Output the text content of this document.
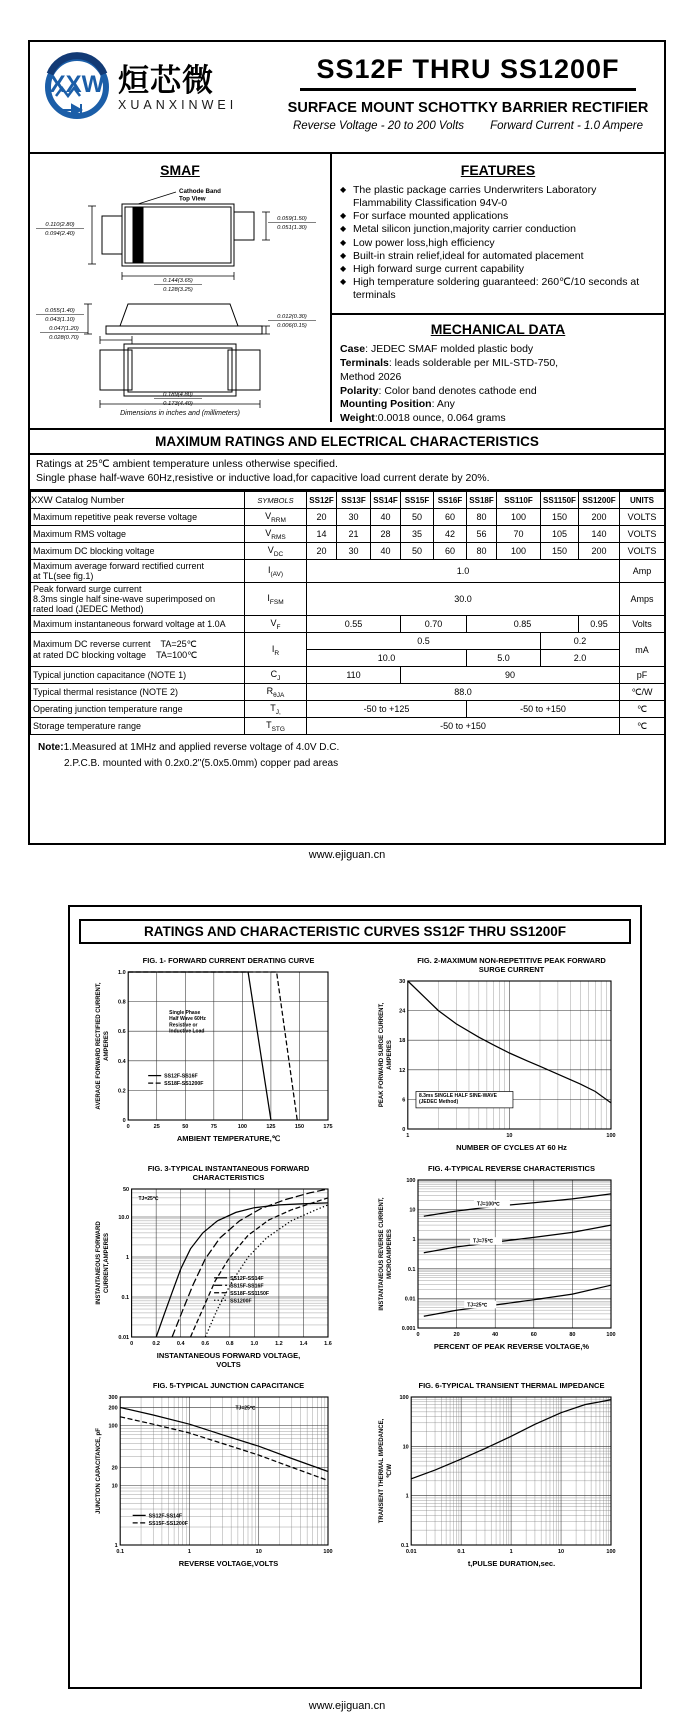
XXW 烜芯微
XUANXINWEI
SS12F THRU SS1200F
SURFACE MOUNT SCHOTTKY BARRIER RECTIFIER
Reverse Voltage - 20 to 200 Volts Forward Current - 1.0 Ampere
SMAF
Cathode Band
Top View
0.110(2.80)
0.094(2.40)
0.059(1.50)
0.051(1.30)
0.144(3.65)
0.128(3.25)
0.055(1.40)
0.043(1.10)	0.012(0.30)
0.006(0.15)
0.047(1.20)
0.028(0.70)
0.189(4.80)
0.173(4.40)
Dimensions in inches and (millimeters)
FEATURES
◆ The plastic package carries Underwriters Laboratory Flammability Classification 94V-0
◆ For surface mounted applications
◆ Metal silicon junction,majority carrier conduction
◆ Low power loss,high efficiency
◆ Built-in strain relief,ideal for automated placement
◆ High forward surge current capability
◆ High temperature soldering guaranteed: 260℃/10 seconds at terminals
MECHANICAL DATA
Case: JEDEC SMAF molded plastic body
Terminals: leads solderable per MIL-STD-750,
Method 2026
Polarity: Color band denotes cathode end
Mounting Position: Any
Weight:0.0018 ounce, 0.064 grams
MAXIMUM RATINGS AND ELECTRICAL CHARACTERISTICS
Ratings at 25℃ ambient temperature unless otherwise specified.
Single phase half-wave 60Hz,resistive or inductive load,for capacitive load current derate by 20%.
XXW Catalog Number	SYMBOLS	SS12F	SS13F	SS14F	SS15F	SS16F	SS18F	SS110F	SS1150F	SS1200F	UNITS

Maximum repetitive peak reverse voltage	$V_{RRM}$	20	30	40	50	60	80	100	150	200	VOLTS

Maximum RMS voltage	$V_{RMS}$	14	21	28	35	42	56	70	105	140	VOLTS

Maximum DC blocking voltage	$V_{DC}$	20	30	40	50	60	80	100	150	200	VOLTS

Maximum average forward rectified current
at TL(see fig.1)	$I_{(AV)}$	1.0									Amp

Peak forward surge current
8.3ms single half sine-wave superimposed on
rated load (JEDEC Method)	$I_{FSM}$	30.0									Amps

Maximum instantaneous forward voltage at 1.0A	$V_F$	0.55			0.70		0.85			0.95	Volts

Maximum DC reverse current    TA=25℃
at rated DC blocking voltage    TA=100℃	$I_R$	0.5							0.2		mA
		10.0					5.0		2.0		

Typical junction capacitance (NOTE 1)	$C_J$	110			90						pF

Typical thermal resistance (NOTE 2)	$R_{\theta JA}$	88.0									℃/W

Operating junction temperature range	$T_{J,}$	-50 to +125					-50 to +150				℃

Storage temperature range	$T_{STG}$	-50 to +150									℃
Note:1.Measured at 1MHz and applied reverse voltage of 4.0V D.C.
2.P.C.B. mounted with 0.2x0.2"(5.0x5.0mm) copper pad areas
www.ejiguan.cn
RATINGS AND CHARACTERISTIC CURVES SS12F THRU SS1200F
FIG. 1- FORWARD CURRENT DERATING CURVE
0	25	50	75	100	125	150	175
0
0.2
0.4
0.6
0.8
1.0
AVERAGE FORWARD RECTIFIED CURRENT, AMPERES
Single Phase
Half Wave 60Hz
Resistive or
Inductive Load
SS12F-SS16F
SS18F-SS1200F
AMBIENT TEMPERATURE,℃
FIG. 2-MAXIMUM NON-REPETITIVE PEAK FORWARD
SURGE CURRENT
1	10	100
0
6
12
18
24
30
PEAK FORWARD SURGE CURRENT, AMPERES
8.3ms SINGLE HALF SINE-WAVE
(JEDEC Method)
NUMBER OF CYCLES AT 60 Hz
FIG. 3-TYPICAL INSTANTANEOUS FORWARD
CHARACTERISTICS
0	0.2	0.4	0.6	0.8	1.0	1.2	1.4	1.6
0.01
0.1
1
10.0
50
INSTANTANEOUS FORWARD CURRENT,AMPERES
TJ=25℃
SS12F-SS14F
SS15F-SS16F
SS18F-SS1150F
SS1200F
INSTANTANEOUS FORWARD VOLTAGE,
VOLTS
FIG. 4-TYPICAL REVERSE CHARACTERISTICS
0	20	40	60	80	100
0.001
0.01
0.1
1
10
100
INSTANTANEOUS REVERSE CURRENT, MICROAMPERES
TJ=100℃
TJ=75℃
TJ=25℃
PERCENT OF PEAK REVERSE VOLTAGE,%
FIG. 5-TYPICAL JUNCTION CAPACITANCE
0.1	1	10	100
1
10
20
100
200
300
JUNCTION CAPACITANCE, pF
TJ=25℃
SS12F-SS14F
SS15F-SS1200F
REVERSE VOLTAGE,VOLTS
FIG. 6-TYPICAL TRANSIENT THERMAL IMPEDANCE
0.01	0.1	1	10	100
0.1
1
10
100
TRANSIENT THERMAL IMPEDANCE, ℃/W
t,PULSE DURATION,sec.
www.ejiguan.cn
